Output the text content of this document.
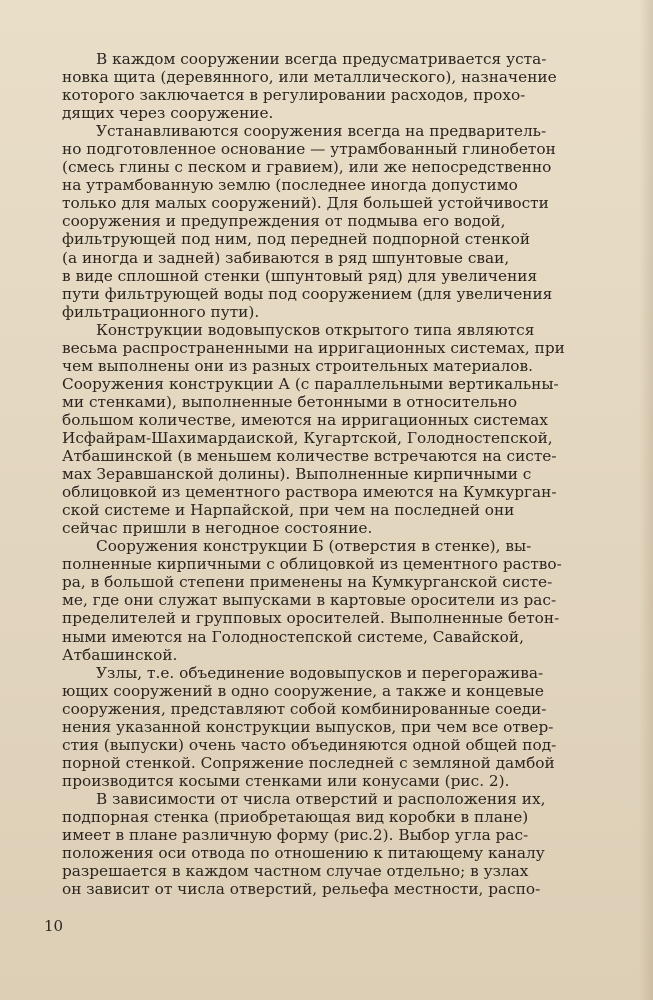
В каждом сооружении всегда предусматривается уста-
новка щита (деревянного, или металлического), назначение
которого заключается в регулировании расходов, прохо-
дящих через сооружение.
Устанавливаются сооружения всегда на предваритель-
но подготовленное основание — утрамбованный глинобетон
(смесь глины с песком и гравием), или же непосредственно
на утрамбованную землю (последнее иногда допустимо
только для малых сооружений). Для большей устойчивости
сооружения и предупреждения от подмыва его водой,
фильтрующей под ним, под передней подпорной стенкой
(а иногда и задней) забиваются в ряд шпунтовые сваи,
в виде сплошной стенки (шпунтовый ряд) для увеличения
пути фильтрующей воды под сооружением (для увеличения
фильтрационного пути).
Конструкции водовыпусков открытого типа являются
весьма распространенными на ирригационных системах, при
чем выполнены они из разных строительных материалов.
Сооружения конструкции А (с параллельными вертикальны-
ми стенками), выполненные бетонными в относительно
большом количестве, имеются на ирригационных системах
Исфайрам-Шахимардаиской, Кугартской, Голодностепской,
Атбашинской (в меньшем количестве встречаются на систе-
мах Зеравшанской долины). Выполненные кирпичными с
облицовкой из цементного раствора имеются на Кумкурган-
ской системе и Нарпайской, при чем на последней они
сейчас пришли в негодное состояние.
Сооружения конструкции Б (отверстия в стенке), вы-
полненные кирпичными с облицовкой из цементного раство-
ра, в большой степени применены на Кумкурганской систе-
ме, где они служат выпусками в картовые оросители из рас-
пределителей и групповых оросителей. Выполненные бетон-
ными имеются на Голодностепской системе, Савайской,
Атбашинской.
Узлы, т.е. объединение водовыпусков и перегоражива-
ющих сооружений в одно сооружение, а также и концевые
сооружения, представляют собой комбинированные соеди-
нения указанной конструкции выпусков, при чем все отвер-
стия (выпуски) очень часто объединяются одной общей под-
порной стенкой. Сопряжение последней с земляной дамбой
производится косыми стенками или конусами (рис. 2).
В зависимости от числа отверстий и расположения их,
подпорная стенка (приобретающая вид коробки в плане)
имеет в плане различную форму (рис.2). Выбор угла рас-
положения оси отвода по отношению к питающему каналу
разрешается в каждом частном случае отдельно; в узлах
он зависит от числа отверстий, рельефа местности, распо-
10
